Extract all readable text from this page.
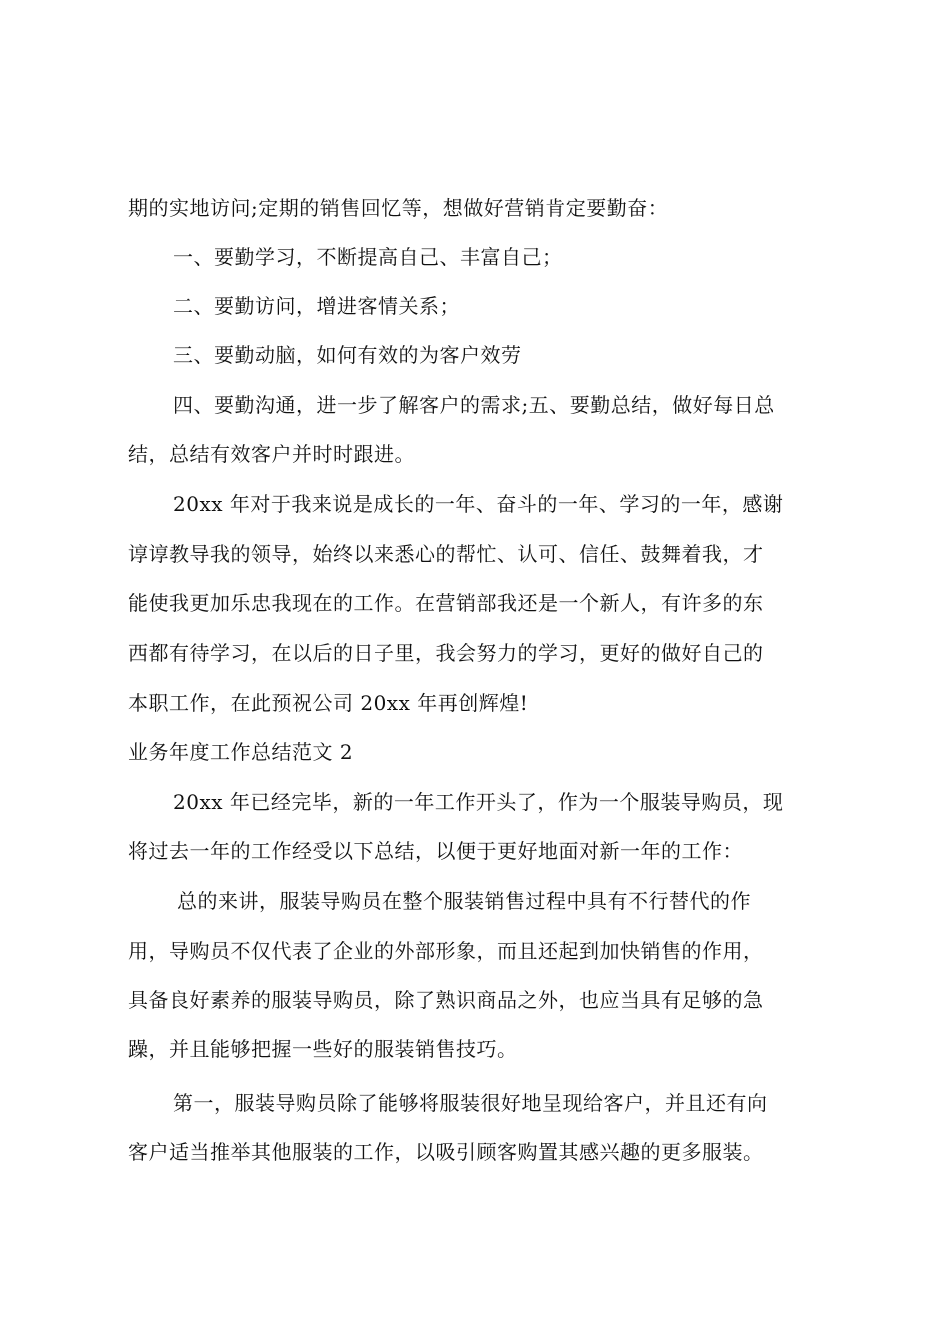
期的实地访问;定期的销售回忆等，想做好营销肯定要勤奋：
一、要勤学习，不断提高自己、丰富自己；
二、要勤访问，增进客情关系；
三、要勤动脑，如何有效的为客户效劳
四、要勤沟通，进一步了解客户的需求;五、要勤总结，做好每日总
结，总结有效客户并时时跟进。
20xx 年对于我来说是成长的一年、奋斗的一年、学习的一年，感谢
谆谆教导我的领导，始终以来悉心的帮忙、认可、信任、鼓舞着我，才
能使我更加乐忠我现在的工作。在营销部我还是一个新人，有许多的东
西都有待学习，在以后的日子里，我会努力的学习，更好的做好自己的
本职工作，在此预祝公司 20xx 年再创辉煌!
业务年度工作总结范文 2
20xx 年已经完毕，新的一年工作开头了，作为一个服装导购员，现
将过去一年的工作经受以下总结，以便于更好地面对新一年的工作：
总的来讲，服装导购员在整个服装销售过程中具有不行替代的作
用，导购员不仅代表了企业的外部形象，而且还起到加快销售的作用，
具备良好素养的服装导购员，除了熟识商品之外，也应当具有足够的急
躁，并且能够把握一些好的服装销售技巧。
第一，服装导购员除了能够将服装很好地呈现给客户，并且还有向
客户适当推举其他服装的工作，以吸引顾客购置其感兴趣的更多服装。
